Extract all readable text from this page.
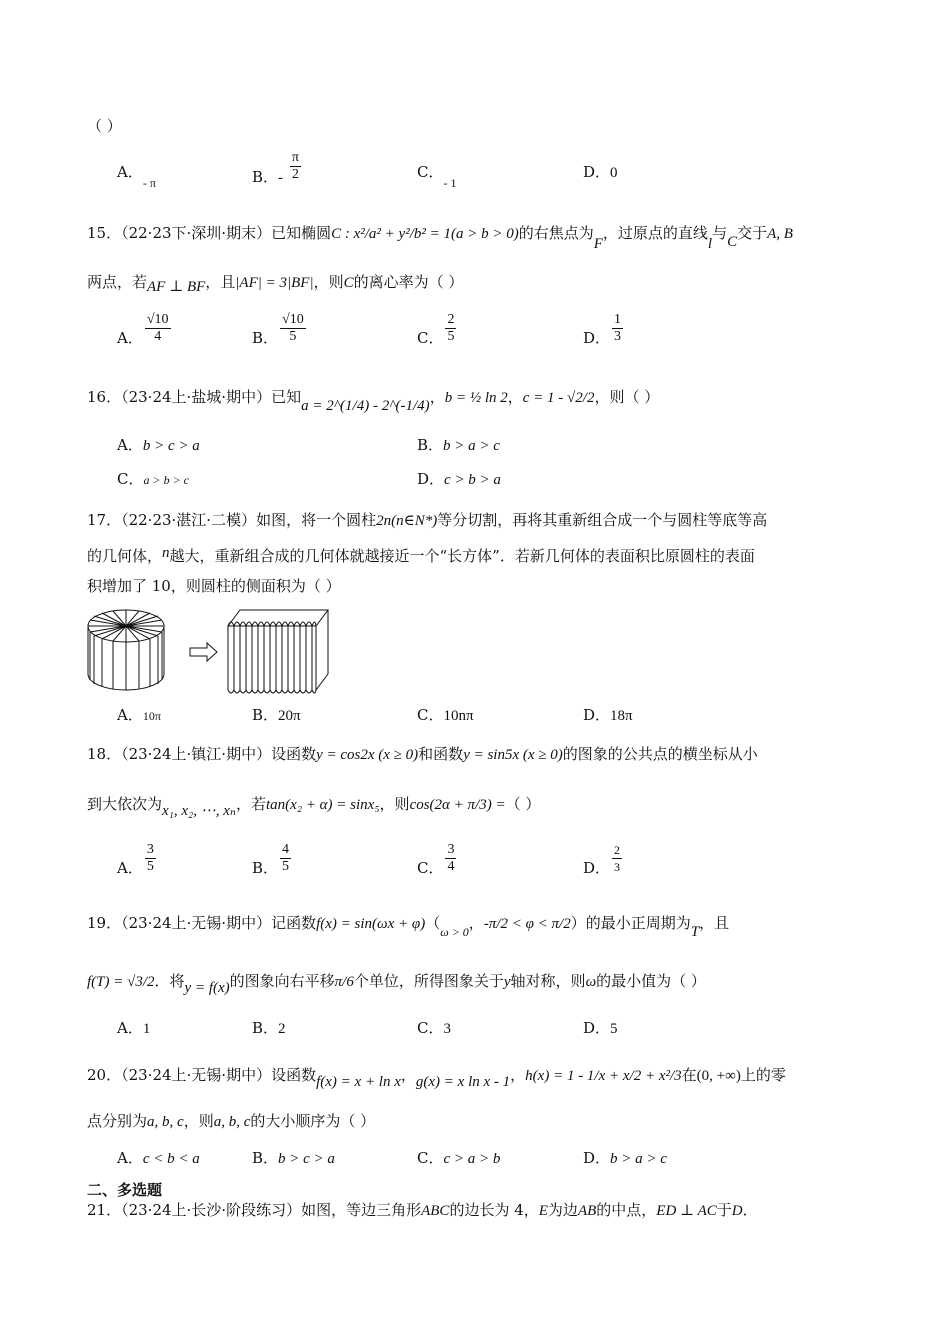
（ ）
A．$_{- \pi}$	B．- $\frac{\pi}{2}$	C．$_{- 1}$
D．0
15．（22·23下·深圳·期末）已知椭圆C : x²/a² + y²/b² = 1(a > b > 0)的右焦点为F，过原点的直线l与C交于A, B
两点，若AF ⊥ BF，且|AF| = 3|BF|，则C的离心率为（ ）
A． $\frac{√10}{4}$	B． $\frac{√10}{5}$	C． $\frac{2}{5}$	D． $\frac{1}{3}$
16．（23·24上·盐城·期中）已知a = 2^(1/4) - 2^(-1/4)，b = ½ ln 2，c = 1 - √2/2，则（ ）
A．b > c > a	B．b > a > c
C．a > b > c	D．c > b > a
17．（22·23·湛江·二模）如图，将一个圆柱2n(n∈N*)等分切割，再将其重新组合成一个与圆柱等底等高
的几何体，n越大，重新组合成的几何体就越接近一个“长方体”．若新几何体的表面积比原圆柱的表面
积增加了 10，则圆柱的侧面积为（ ）
A．10π	B．20π	C．10nπ	D．18π
18．（23·24上·镇江·期中）设函数y = cos2x (x ≥ 0)和函数y = sin5x (x ≥ 0)的图象的公共点的横坐标从小
到大依次为x₁, x₂, ⋯, xₙ，若tan(x₂ + α) = sinx₅，则cos(2α + π/3) =（ ）
A． $\frac{3}{5}$	B． $\frac{4}{5}$	C． $\frac{3}{4}$	D． $\frac{2}{3}$
19．（23·24上·无锡·期中）记函数$f(x) = \sin(\omega x + \varphi)(_{\omega > 0}$，-π/2 < φ < π/2）的最小正周期为T，且
f(T) = √3/2．将y = f(x)的图象向右平移π/6个单位，所得图象关于y轴对称，则ω的最小值为（ ）
A．1	B．2	C．3	D．5
20．（23·24上·无锡·期中）设函数f(x) = x + ln x，g(x) = x ln x - 1，h(x) = 1 - 1/x + x/2 + x²/3在(0, +∞)上的零
点分别为a, b, c，则a, b, c的大小顺序为（ ）
A．c < b < a	B．b > c > a	C．c > a > b	D．b > a > c
二、多选题
21．（23·24上·长沙·阶段练习）如图，等边三角形ABC的边长为 4，E为边AB的中点，ED ⊥ AC于D．
